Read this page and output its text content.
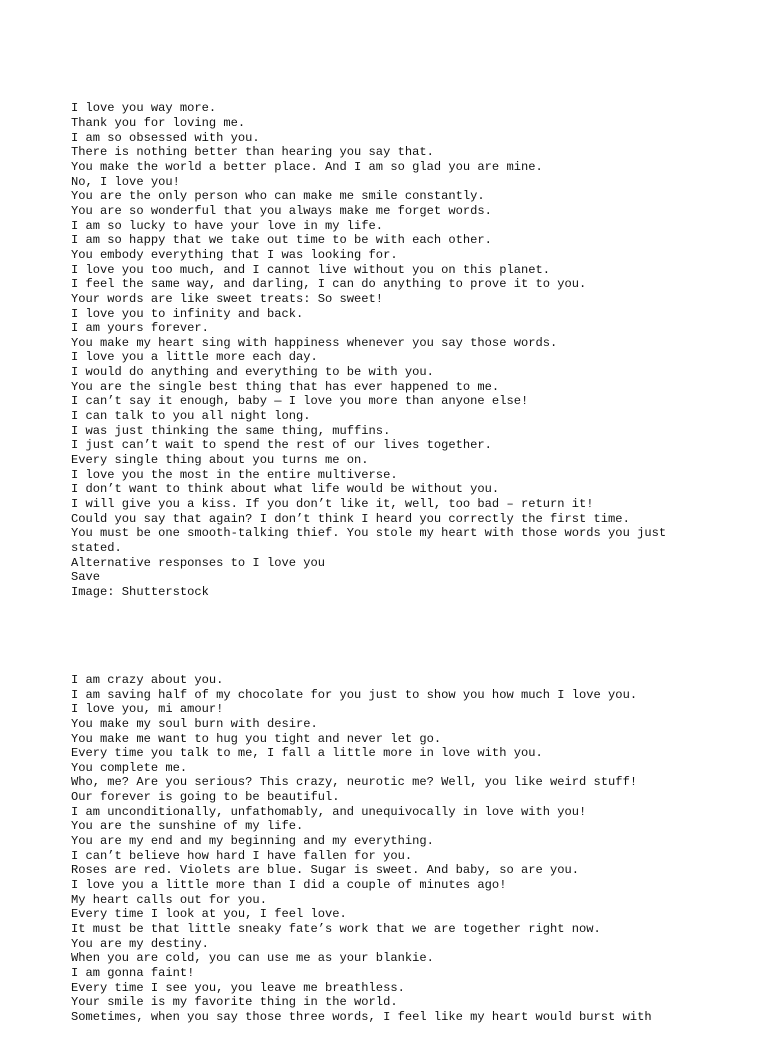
I love you way more.
Thank you for loving me.
I am so obsessed with you.
There is nothing better than hearing you say that.
You make the world a better place. And I am so glad you are mine.
No, I love you!
You are the only person who can make me smile constantly.
You are so wonderful that you always make me forget words.
I am so lucky to have your love in my life.
I am so happy that we take out time to be with each other.
You embody everything that I was looking for.
I love you too much, and I cannot live without you on this planet.
I feel the same way, and darling, I can do anything to prove it to you.
Your words are like sweet treats: So sweet!
I love you to infinity and back.
I am yours forever.
You make my heart sing with happiness whenever you say those words.
I love you a little more each day.
I would do anything and everything to be with you.
You are the single best thing that has ever happened to me.
I can’t say it enough, baby — I love you more than anyone else!
I can talk to you all night long.
I was just thinking the same thing, muffins.
I just can’t wait to spend the rest of our lives together.
Every single thing about you turns me on.
I love you the most in the entire multiverse.
I don’t want to think about what life would be without you.
I will give you a kiss. If you don’t like it, well, too bad – return it!
Could you say that again? I don’t think I heard you correctly the first time.
You must be one smooth-talking thief. You stole my heart with those words you just
stated.
Alternative responses to I love you
Save
Image: Shutterstock

I am crazy about you.
I am saving half of my chocolate for you just to show you how much I love you.
I love you, mi amour!
You make my soul burn with desire.
You make me want to hug you tight and never let go.
Every time you talk to me, I fall a little more in love with you.
You complete me.
Who, me? Are you serious? This crazy, neurotic me? Well, you like weird stuff!
Our forever is going to be beautiful.
I am unconditionally, unfathomably, and unequivocally in love with you!
You are the sunshine of my life.
You are my end and my beginning and my everything.
I can’t believe how hard I have fallen for you.
Roses are red. Violets are blue. Sugar is sweet. And baby, so are you.
I love you a little more than I did a couple of minutes ago!
My heart calls out for you.
Every time I look at you, I feel love.
It must be that little sneaky fate’s work that we are together right now.
You are my destiny.
When you are cold, you can use me as your blankie.
I am gonna faint!
Every time I see you, you leave me breathless.
Your smile is my favorite thing in the world.
Sometimes, when you say those three words, I feel like my heart would burst with
